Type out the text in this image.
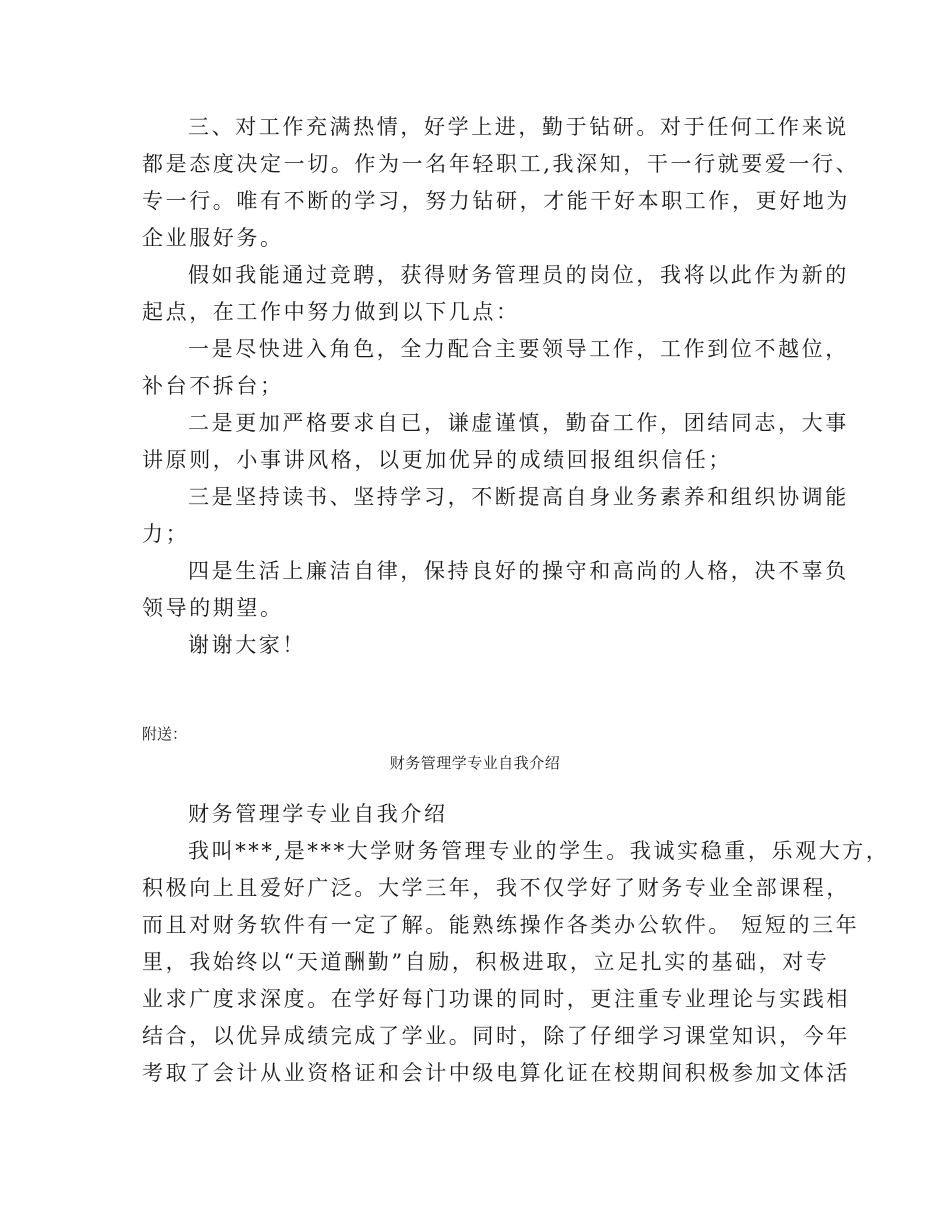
三、对工作充满热情，好学上进，勤于钻研。对于任何工作来说
都是态度决定一切。作为一名年轻职工,我深知，干一行就要爱一行、
专一行。唯有不断的学习，努力钻研，才能干好本职工作，更好地为
企业服好务。
假如我能通过竞聘，获得财务管理员的岗位，我将以此作为新的
起点，在工作中努力做到以下几点：
一是尽快进入角色，全力配合主要领导工作，工作到位不越位，
补台不拆台；
二是更加严格要求自已，谦虚谨慎，勤奋工作，团结同志，大事
讲原则，小事讲风格，以更加优异的成绩回报组织信任；
三是坚持读书、坚持学习，不断提高自身业务素养和组织协调能
力；
四是生活上廉洁自律，保持良好的操守和高尚的人格，决不辜负
领导的期望。
谢谢大家！
附送：
财务管理学专业自我介绍
财务管理学专业自我介绍
我叫***,是***大学财务管理专业的学生。我诚实稳重，乐观大方，
积极向上且爱好广泛。大学三年，我不仅学好了财务专业全部课程，
而且对财务软件有一定了解。能熟练操作各类办公软件。 短短的三年
里，我始终以“天道酬勤”自励，积极进取，立足扎实的基础，对专
业求广度求深度。在学好每门功课的同时，更注重专业理论与实践相
结合，以优异成绩完成了学业。同时，除了仔细学习课堂知识，今年
考取了会计从业资格证和会计中级电算化证在校期间积极参加文体活
